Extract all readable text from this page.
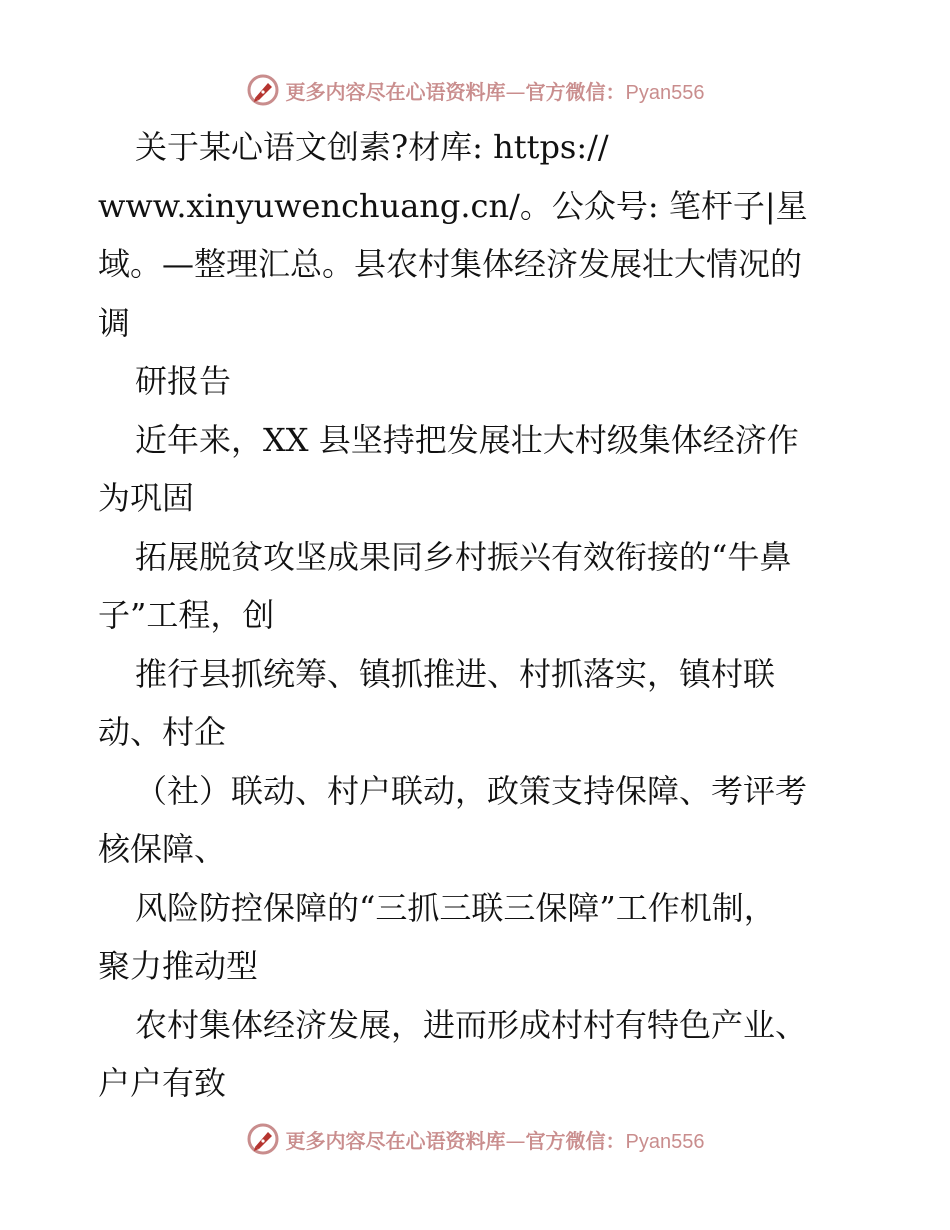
更多内容尽在心语资料库—官方微信：Pyan556
关于某心语文创素?材库: https://
www.xinyuwenchuang.cn/。公众号: 笔杆子|星
域。—整理汇总。县农村集体经济发展壮大情况的
调
研报告
近年来，XX 县坚持把发展壮大村级集体经济作
为巩固
拓展脱贫攻坚成果同乡村振兴有效衔接的“牛鼻
子”工程，创
推行县抓统筹、镇抓推进、村抓落实，镇村联
动、村企
（社）联动、村户联动，政策支持保障、考评考
核保障、
风险防控保障的“三抓三联三保障”工作机制，
聚力推动型
农村集体经济发展，进而形成村村有特色产业、
户户有致
更多内容尽在心语资料库—官方微信：Pyan556
